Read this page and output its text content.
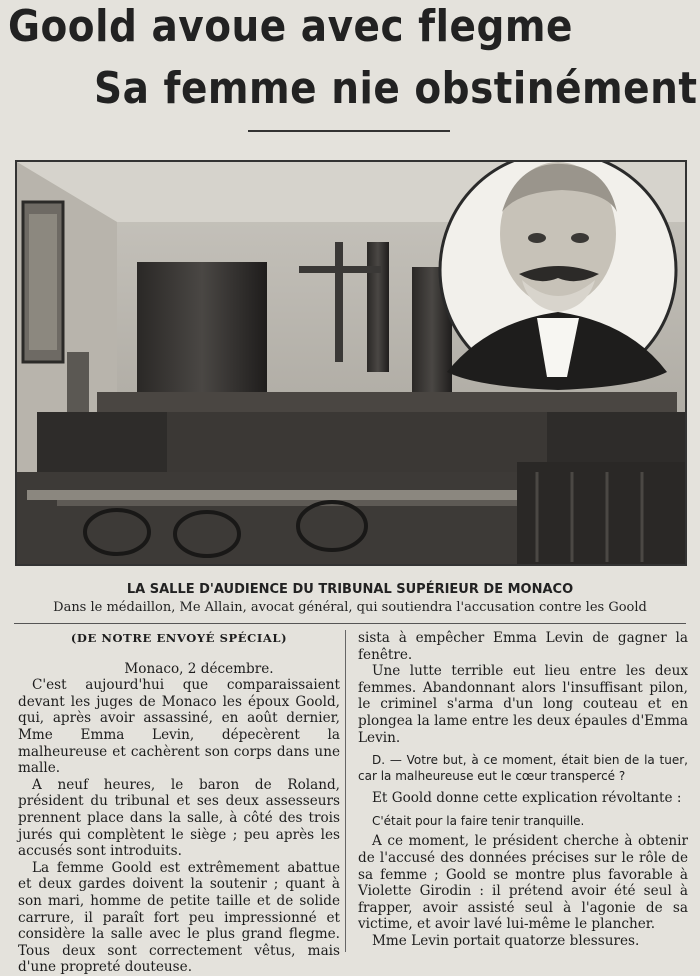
Goold avoue avec flegme
Sa femme nie obstinément

LA SALLE D'AUDIENCE DU TRIBUNAL SUPÉRIEUR DE MONACO

Dans le médaillon, Me Allain, avocat général, qui soutiendra l'accusation contre les Goold

(DE NOTRE ENVOYÉ SPÉCIAL)

Monaco, 2 décembre.

C'est aujourd'hui que comparaissaient devant les juges de Monaco les époux Goold, qui, après avoir assassiné, en août dernier, Mme Emma Levin, dépecèrent la malheureuse et cachèrent son corps dans une malle.

A neuf heures, le baron de Roland, président du tribunal et ses deux assesseurs prennent place dans la salle, à côté des trois jurés qui complètent le siège ; peu après les accusés sont introduits.

La femme Goold est extrêmement abattue et deux gardes doivent la soutenir ; quant à son mari, homme de petite taille et de solide carrure, il paraît fort peu impressionné et considère la salle avec le plus grand flegme. Tous deux sont correctement vêtus, mais d'une propreté douteuse.

sista à empêcher Emma Levin de gagner la fenêtre.

Une lutte terrible eut lieu entre les deux femmes. Abandonnant alors l'insuffisant pilon, le criminel s'arma d'un long couteau et en plongea la lame entre les deux épaules d'Emma Levin.

D. — Votre but, à ce moment, était bien de la tuer, car la malheureuse eut le cœur transpercé ?

Et Goold donne cette explication révoltante :

C'était pour la faire tenir tranquille.

A ce moment, le président cherche à obtenir de l'accusé des données précises sur le rôle de sa femme ; Goold se montre plus favorable à Violette Girodin : il prétend avoir été seul à frapper, avoir assisté seul à l'agonie de sa victime, et avoir lavé lui-même le plancher.

Mme Levin portait quatorze blessures.
